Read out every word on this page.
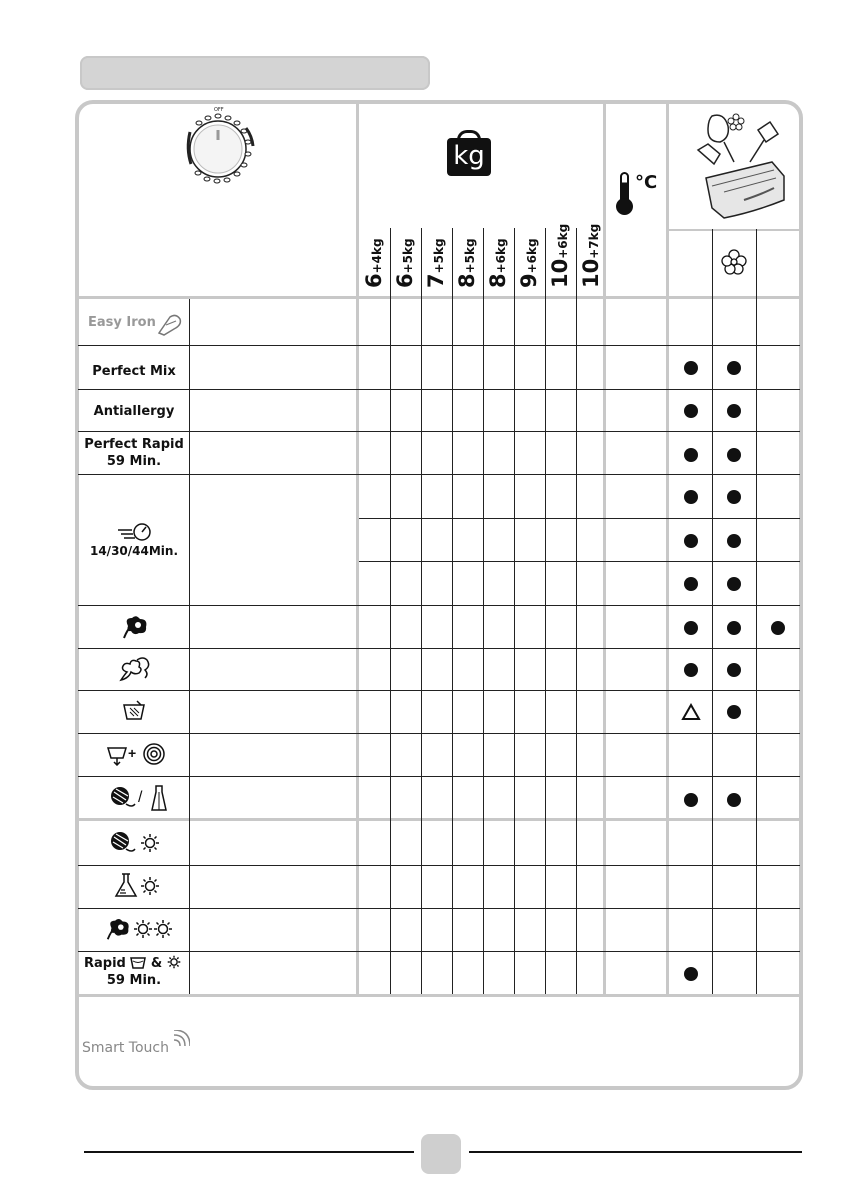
OFF
kg
6+4kg
6+5kg
7+5kg
8+5kg
8+6kg
9+6kg
10+6kg
10+7kg
°C
Easy Iron
Perfect Mix
Antiallergy
Perfect Rapid
59 Min.
14/30/44Min.
+
/
Rapid &
59 Min.
Smart Touch
